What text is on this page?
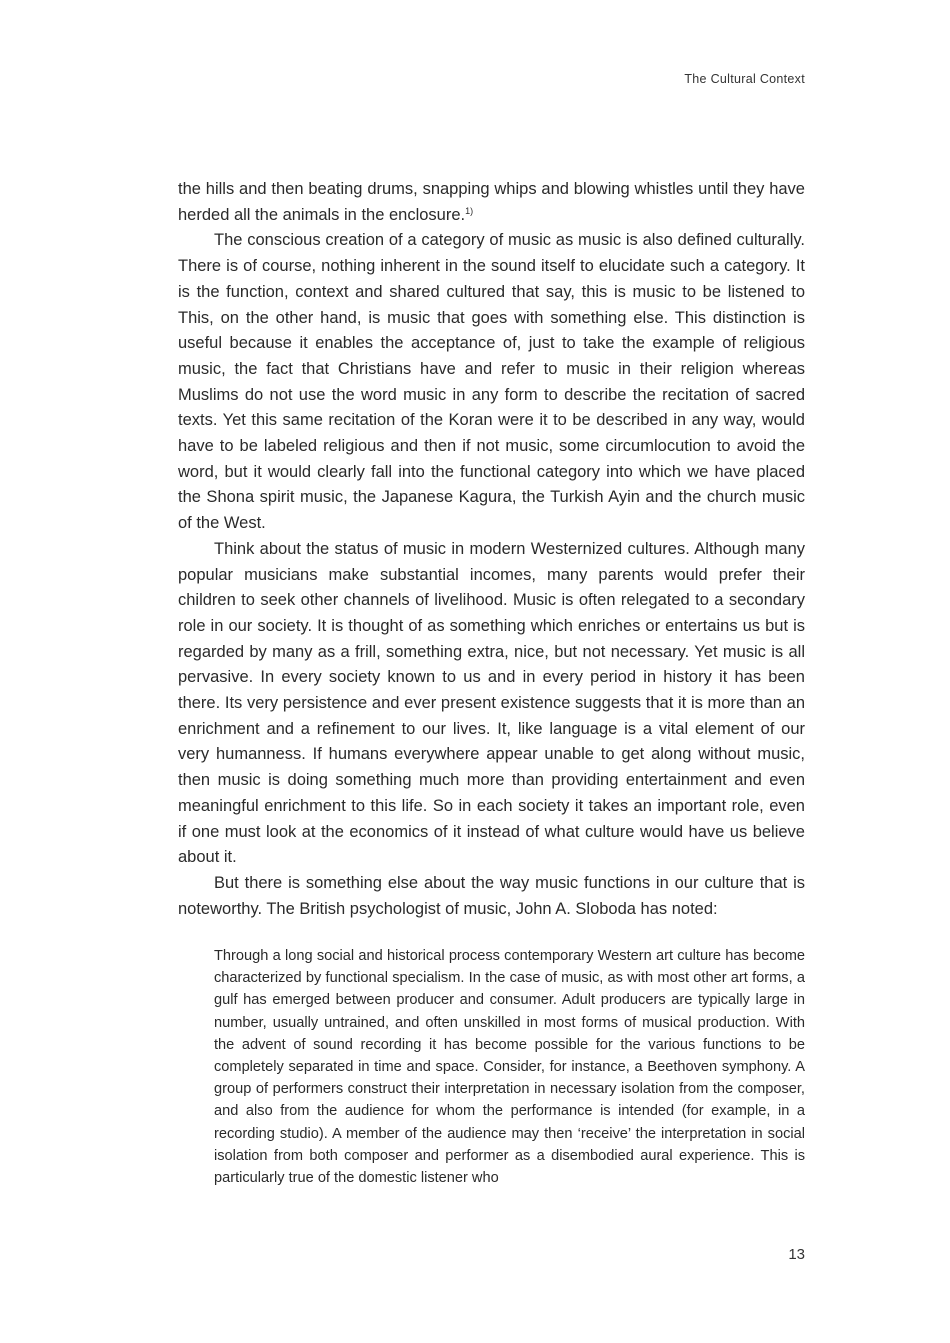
The Cultural Context

the hills and then beating drums, snapping whips and blowing whistles until they have herded all the animals in the enclosure.$^{1)}$

The conscious creation of a category of music as music is also defined culturally. There is of course, nothing inherent in the sound itself to elucidate such a category. It is the function, context and shared cultured that say, this is music to be listened to This, on the other hand, is music that goes with something else. This distinction is useful because it enables the acceptance of, just to take the example of religious music, the fact that Christians have and refer to music in their religion whereas Muslims do not use the word music in any form to describe the recitation of sacred texts. Yet this same recitation of the Koran were it to be described in any way, would have to be labeled religious and then if not music, some circumlocution to avoid the word, but it would clearly fall into the functional category into which we have placed the Shona spirit music, the Japanese Kagura, the Turkish Ayin and the church music of the West.

Think about the status of music in modern Westernized cultures. Although many popular musicians make substantial incomes, many parents would prefer their children to seek other channels of livelihood. Music is often relegated to a secondary role in our society. It is thought of as something which enriches or entertains us but is regarded by many as a frill, something extra, nice, but not necessary. Yet music is all pervasive. In every society known to us and in every period in history it has been there. Its very persistence and ever present existence suggests that it is more than an enrichment and a refinement to our lives. It, like language is a vital element of our very humanness. If humans everywhere appear unable to get along without music, then music is doing something much more than providing entertainment and even meaningful enrichment to this life. So in each society it takes an important role, even if one must look at the economics of it instead of what culture would have us believe about it.

But there is something else about the way music functions in our culture that is noteworthy. The British psychologist of music, John A. Sloboda has noted:

Through a long social and historical process contemporary Western art culture has become characterized by functional specialism. In the case of music, as with most other art forms, a gulf has emerged between producer and consumer. Adult producers are typically large in number, usually untrained, and often unskilled in most forms of musical production. With the advent of sound recording it has become possible for the various functions to be completely separated in time and space. Consider, for instance, a Beethoven symphony. A group of performers construct their interpretation in necessary isolation from the composer, and also from the audience for whom the performance is intended (for example, in a recording studio). A member of the audience may then ‘receive’ the interpretation in social isolation from both composer and performer as a disembodied aural experience. This is particularly true of the domestic listener who

13
